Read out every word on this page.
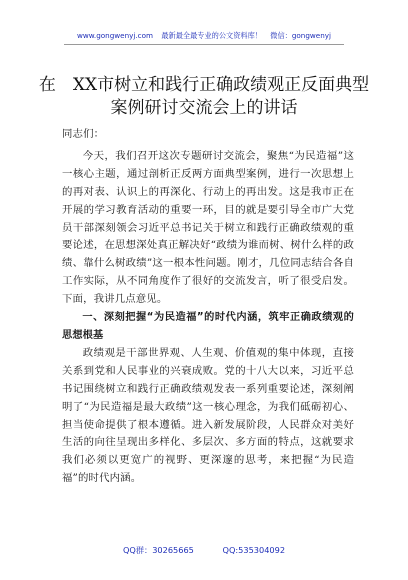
www.gongwenyj.com 最新最全最专业的公文资料库！ 微信：gongwenyj
在　XX市树立和践行正确政绩观正反面典型
案例研讨交流会上的讲话

同志们：

今天，我们召开这次专题研讨交流会，聚焦“为民造福”这一核心主题，通过剖析正反两方面典型案例，进行一次思想上的再对表、认识上的再深化、行动上的再出发。这是我市正在开展的学习教育活动的重要一环，目的就是要引导全市广大党员干部深刻领会习近平总书记关于树立和践行正确政绩观的重要论述，在思想深处真正解决好“政绩为谁而树、树什么样的政绩、靠什么树政绩”这一根本性问题。刚才，几位同志结合各自工作实际，从不同角度作了很好的交流发言，听了很受启发。下面，我讲几点意见。

一、深刻把握“为民造福”的时代内涵，筑牢正确政绩观的思想根基

政绩观是干部世界观、人生观、价值观的集中体现，直接关系到党和人民事业的兴衰成败。党的十八大以来，习近平总书记围绕树立和践行正确政绩观发表一系列重要论述，深刻阐明了“为民造福是最大政绩”这一核心理念，为我们砥砺初心、担当使命提供了根本遵循。进入新发展阶段，人民群众对美好生活的向往呈现出多样化、多层次、多方面的特点，这就要求我们必须以更宽广的视野、更深邃的思考，来把握“为民造福”的时代内涵。

QQ群：30265665	QQ:535304092
